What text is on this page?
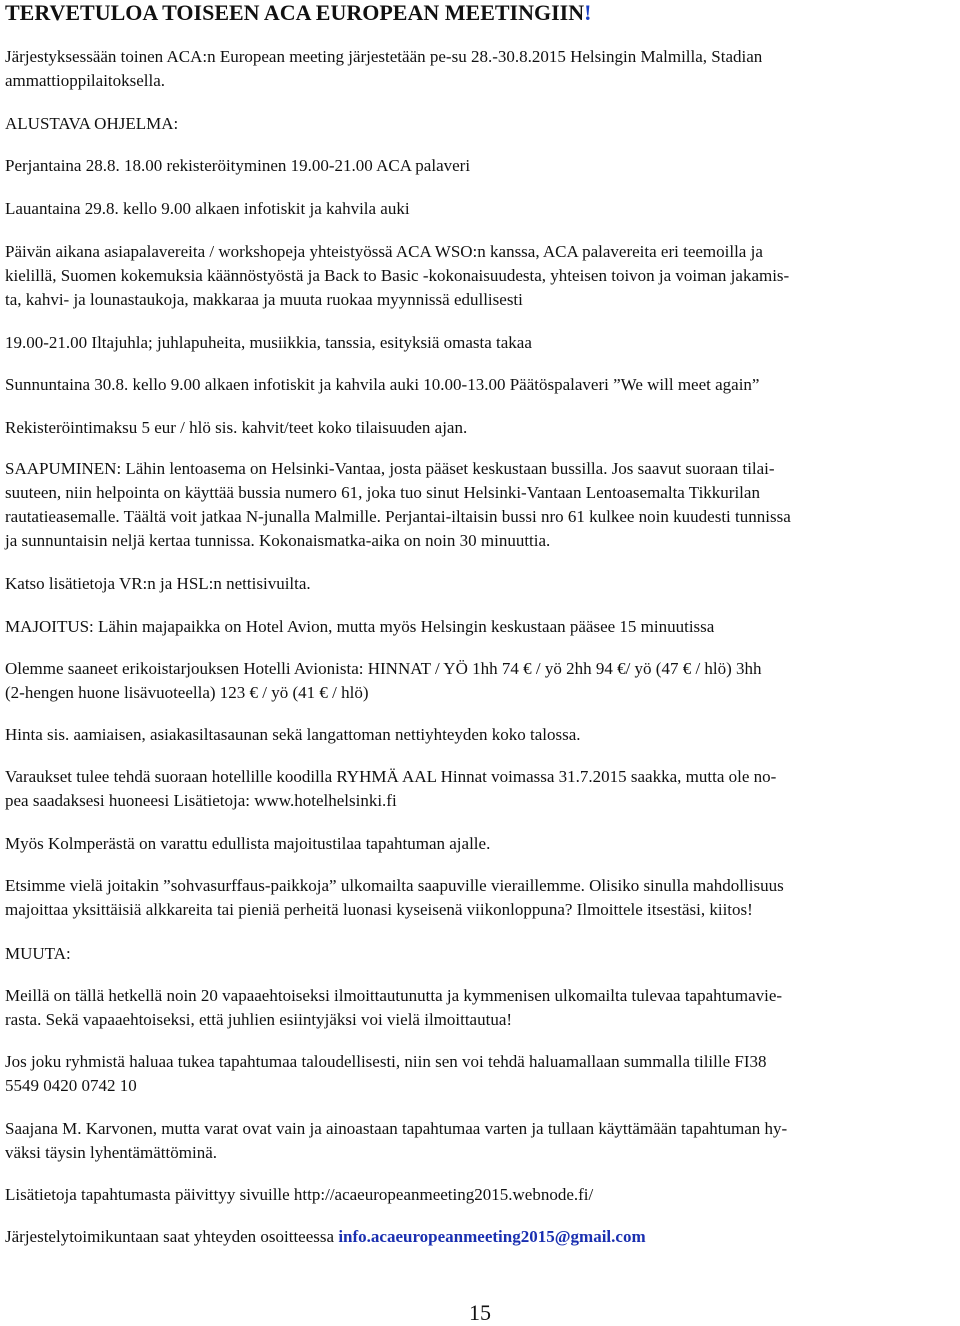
TERVETULOA TOISEEN ACA EUROPEAN MEETINGIIN!
Järjestyksessään toinen ACA:n European meeting järjestetään pe-su 28.-30.8.2015 Helsingin Malmilla, Stadian
ammattioppilaitoksella.
ALUSTAVA OHJELMA:
Perjantaina 28.8. 18.00 rekisteröityminen 19.00-21.00 ACA palaveri
Lauantaina 29.8. kello 9.00 alkaen infotiskit ja kahvila auki
Päivän aikana asiapalavereita / workshopeja yhteistyössä ACA WSO:n kanssa, ACA palavereita eri teemoilla ja
kielillä, Suomen kokemuksia käännöstyöstä ja Back to Basic -kokonaisuudesta, yhteisen toivon ja voiman jakamis-
ta, kahvi- ja lounastaukoja, makkaraa ja muuta ruokaa myynnissä edullisesti
19.00-21.00 Iltajuhla; juhlapuheita, musiikkia, tanssia, esityksiä omasta takaa
Sunnuntaina 30.8. kello 9.00 alkaen infotiskit ja kahvila auki 10.00-13.00 Päätöspalaveri ”We will meet again”
Rekisteröintimaksu 5 eur / hlö sis. kahvit/teet koko tilaisuuden ajan.
SAAPUMINEN: Lähin lentoasema on Helsinki-Vantaa, josta pääset keskustaan bussilla. Jos saavut suoraan tilai-
suuteen, niin helpointa on käyttää bussia numero 61, joka tuo sinut Helsinki-Vantaan Lentoasemalta Tikkurilan
rautatieasemalle. Täältä voit jatkaa N-junalla Malmille. Perjantai-iltaisin bussi nro 61 kulkee noin kuudesti tunnissa
ja sunnuntaisin neljä kertaa tunnissa. Kokonaismatka-aika on noin 30 minuuttia.
Katso lisätietoja VR:n ja HSL:n nettisivuilta.
MAJOITUS: Lähin majapaikka on Hotel Avion, mutta myös Helsingin keskustaan pääsee 15 minuutissa
Olemme saaneet erikoistarjouksen Hotelli Avionista: HINNAT / YÖ 1hh 74 € / yö 2hh 94 €/ yö (47 € / hlö) 3hh
(2-hengen huone lisävuoteella) 123 € / yö (41 € / hlö)
Hinta sis. aamiaisen, asiakasiltasaunan sekä langattoman nettiyhteyden koko talossa.
Varaukset tulee tehdä suoraan hotellille koodilla RYHMÄ AAL Hinnat voimassa 31.7.2015 saakka, mutta ole no-
pea saadaksesi huoneesi Lisätietoja: www.hotelhelsinki.fi
Myös Kolmperästä on varattu edullista majoitustilaa tapahtuman ajalle.
Etsimme vielä joitakin ”sohvasurffaus-paikkoja” ulkomailta saapuville vieraillemme. Olisiko sinulla mahdollisuus
majoittaa yksittäisiä alkkareita tai pieniä perheitä luonasi kyseisenä viikonloppuna? Ilmoittele itsestäsi, kiitos!
MUUTA:
Meillä on tällä hetkellä noin 20 vapaaehtoiseksi ilmoittautunutta ja kymmenisen ulkomailta tulevaa tapahtumavie-
rasta. Sekä vapaaehtoiseksi, että juhlien esiintyjäksi voi vielä ilmoittautua!
Jos joku ryhmistä haluaa tukea tapahtumaa taloudellisesti, niin sen voi tehdä haluamallaan summalla tilille FI38
5549 0420 0742 10
Saajana M. Karvonen, mutta varat ovat vain ja ainoastaan tapahtumaa varten ja tullaan käyttämään tapahtuman hy-
väksi täysin lyhentämättöminä.
Lisätietoja tapahtumasta päivittyy sivuille http://acaeuropeanmeeting2015.webnode.fi/
Järjestelytoimikuntaan saat yhteyden osoitteessa info.acaeuropeanmeeting2015@gmail.com
15
